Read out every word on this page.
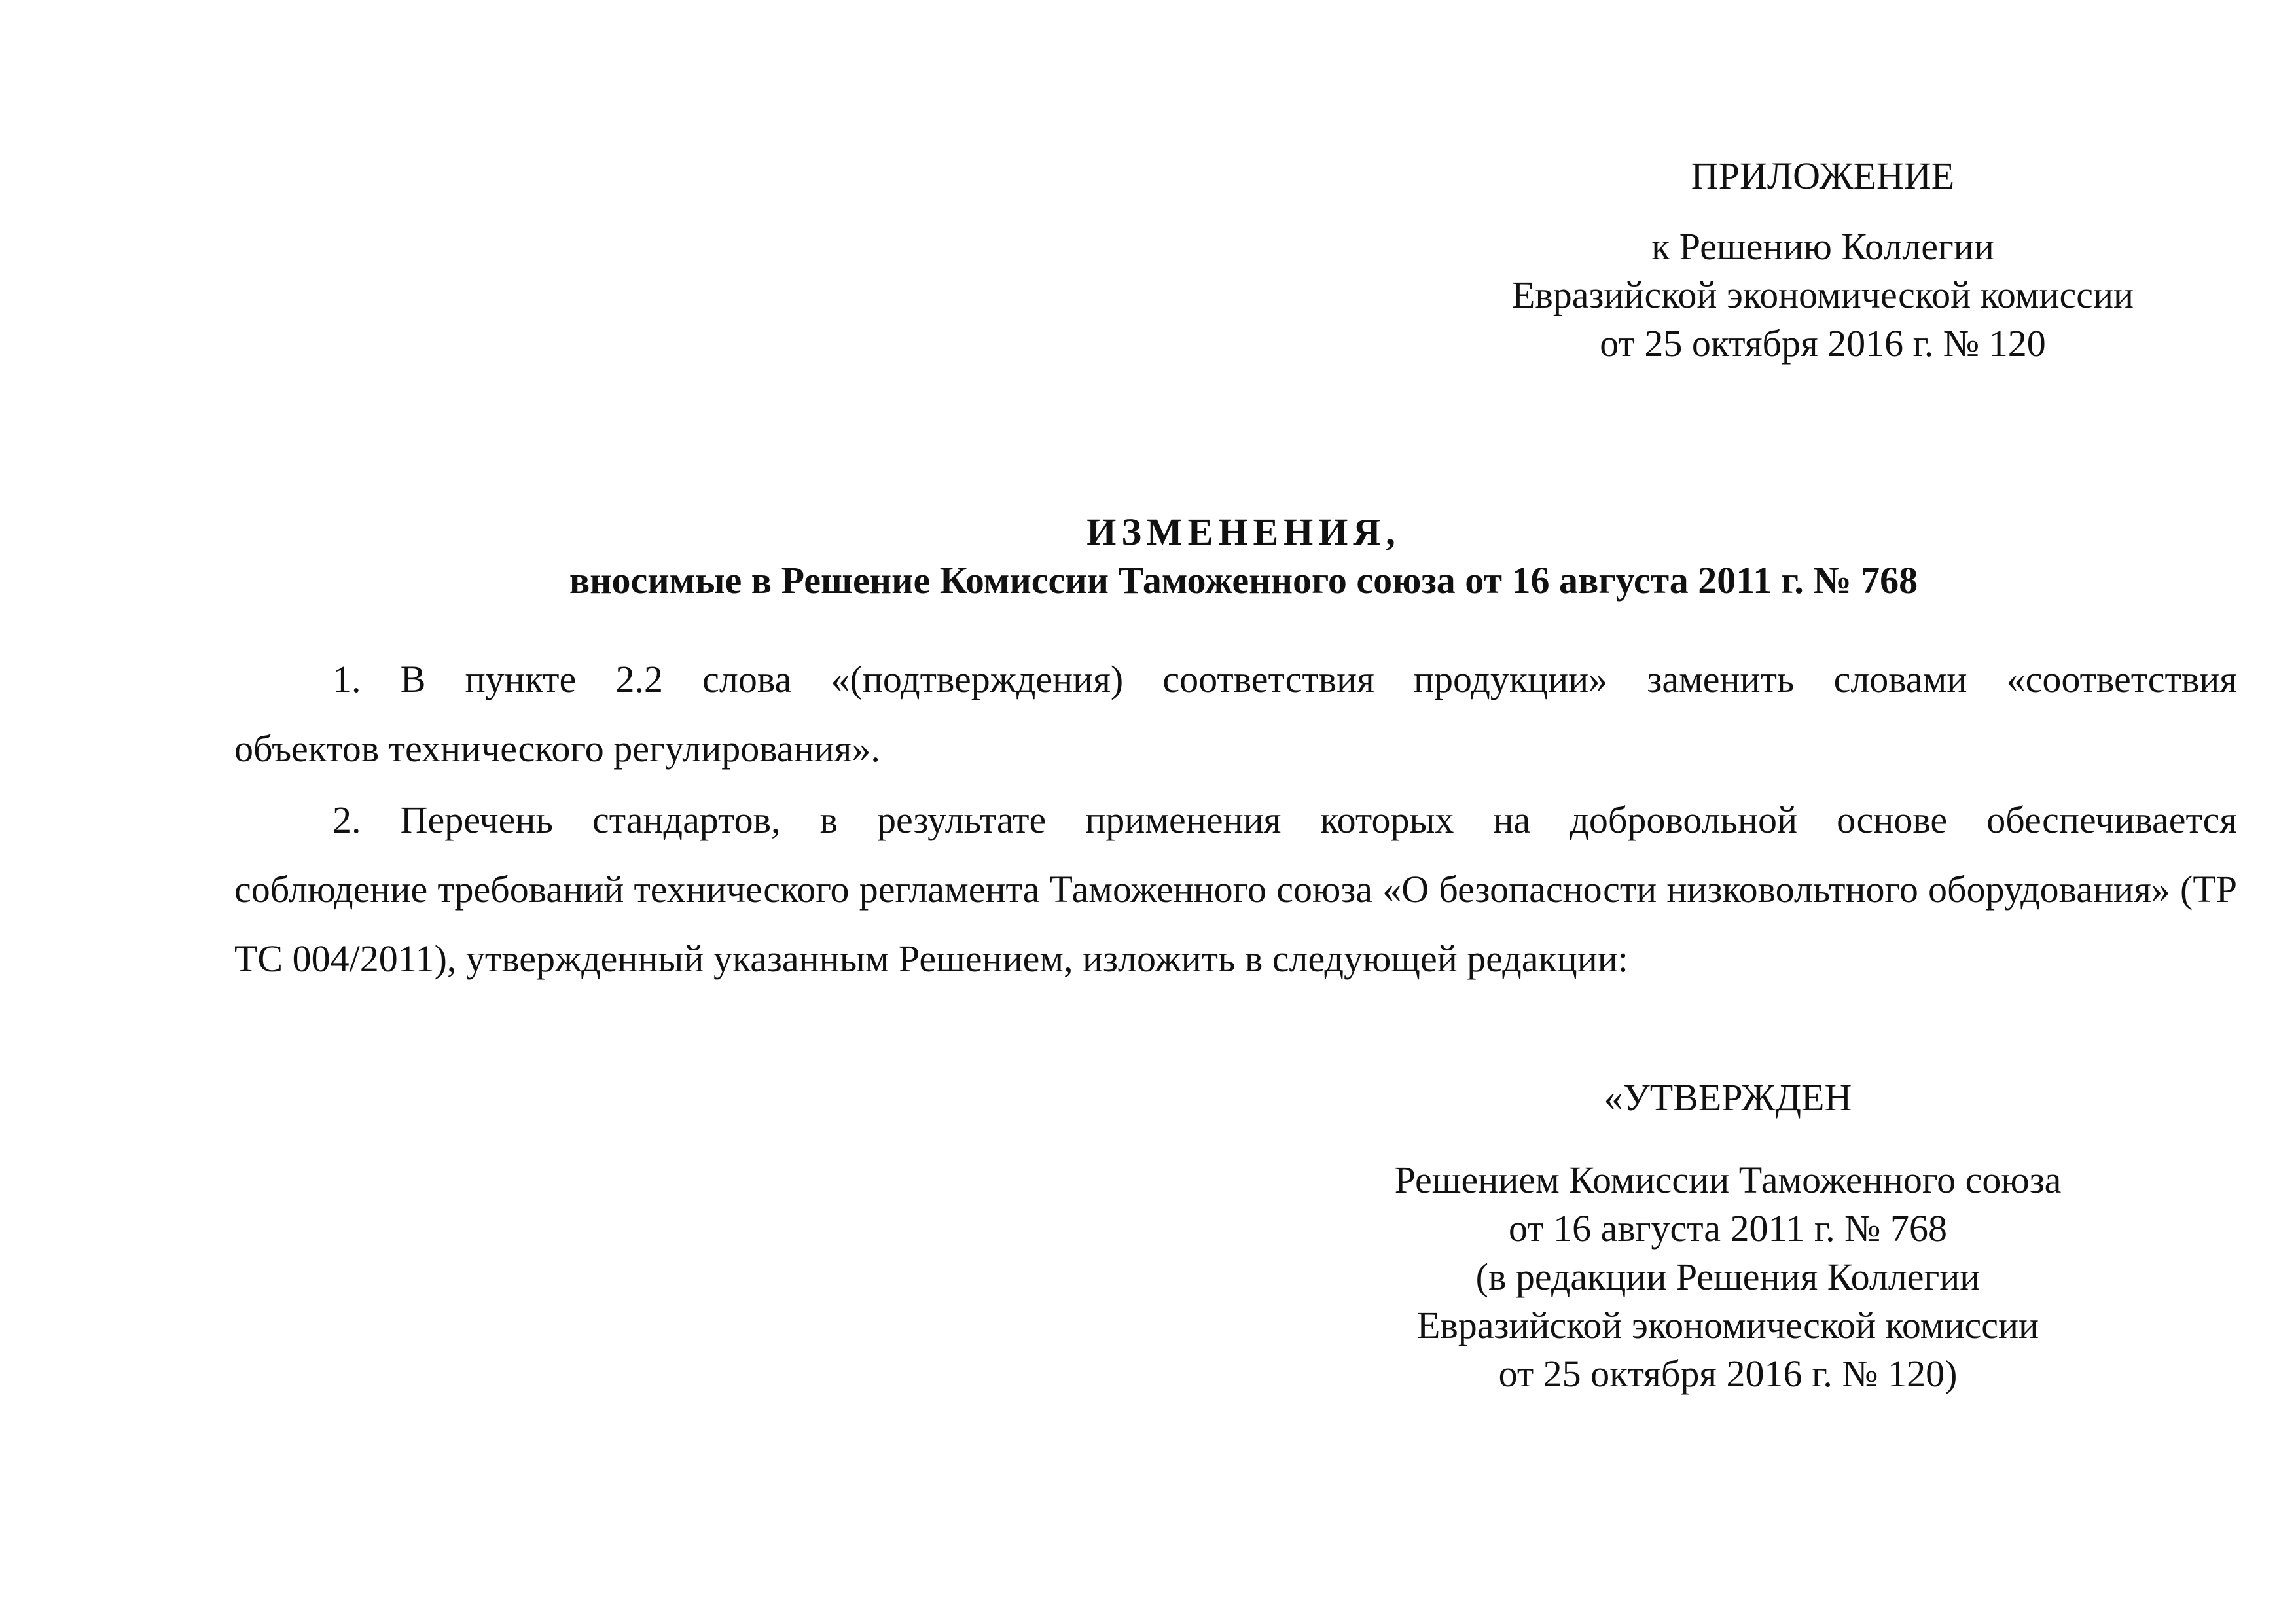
ПРИЛОЖЕНИЕ
к Решению Коллегии
Евразийской экономической комиссии
от 25 октября 2016 г. № 120
ИЗМЕНЕНИЯ,
вносимые в Решение Комиссии Таможенного союза от 16 августа 2011 г. № 768
1. В пункте 2.2 слова «(подтверждения) соответствия продукции» заменить словами «соответствия
объектов технического регулирования».
2. Перечень стандартов, в результате применения которых на добровольной основе обеспечивается
соблюдение требований технического регламента Таможенного союза «О безопасности низковольтного оборудования» (ТР ТС 004/2011), утвержденный указанным Решением, изложить в следующей редакции:
«УТВЕРЖДЕН
Решением Комиссии Таможенного союза
от 16 августа 2011 г. № 768
(в редакции Решения Коллегии
Евразийской экономической комиссии
от 25 октября 2016 г. № 120)
